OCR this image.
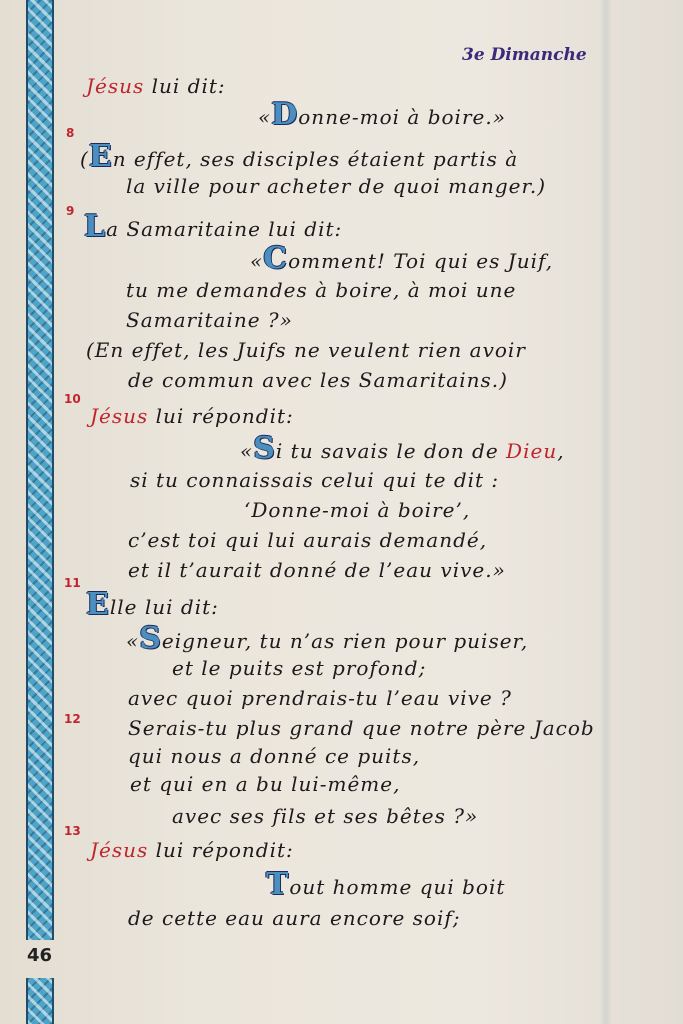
46
3e Dimanche
Jésus lui dit:
«Donne-moi à boire.»
8
(En effet, ses disciples étaient partis à
la ville pour acheter de quoi manger.)
9 La Samaritaine lui dit:
«Comment! Toi qui es Juif,
tu me demandes à boire, à moi une
Samaritaine ?»
(En effet, les Juifs ne veulent rien avoir
de commun avec les Samaritains.)
10
Jésus lui répondit:
«Si tu savais le don de Dieu,
si tu connaissais celui qui te dit :
‘Donne-moi à boire’,
c’est toi qui lui aurais demandé,
et il t’aurait donné de l’eau vive.»
11
Elle lui dit:
«Seigneur, tu n’as rien pour puiser,
et le puits est profond;
avec quoi prendrais-tu l’eau vive ?
12 Serais-tu plus grand que notre père Jacob
qui nous a donné ce puits,
et qui en a bu lui-même,
avec ses fils et ses bêtes ?»
13
Jésus lui répondit:
Tout homme qui boit
de cette eau aura encore soif;
